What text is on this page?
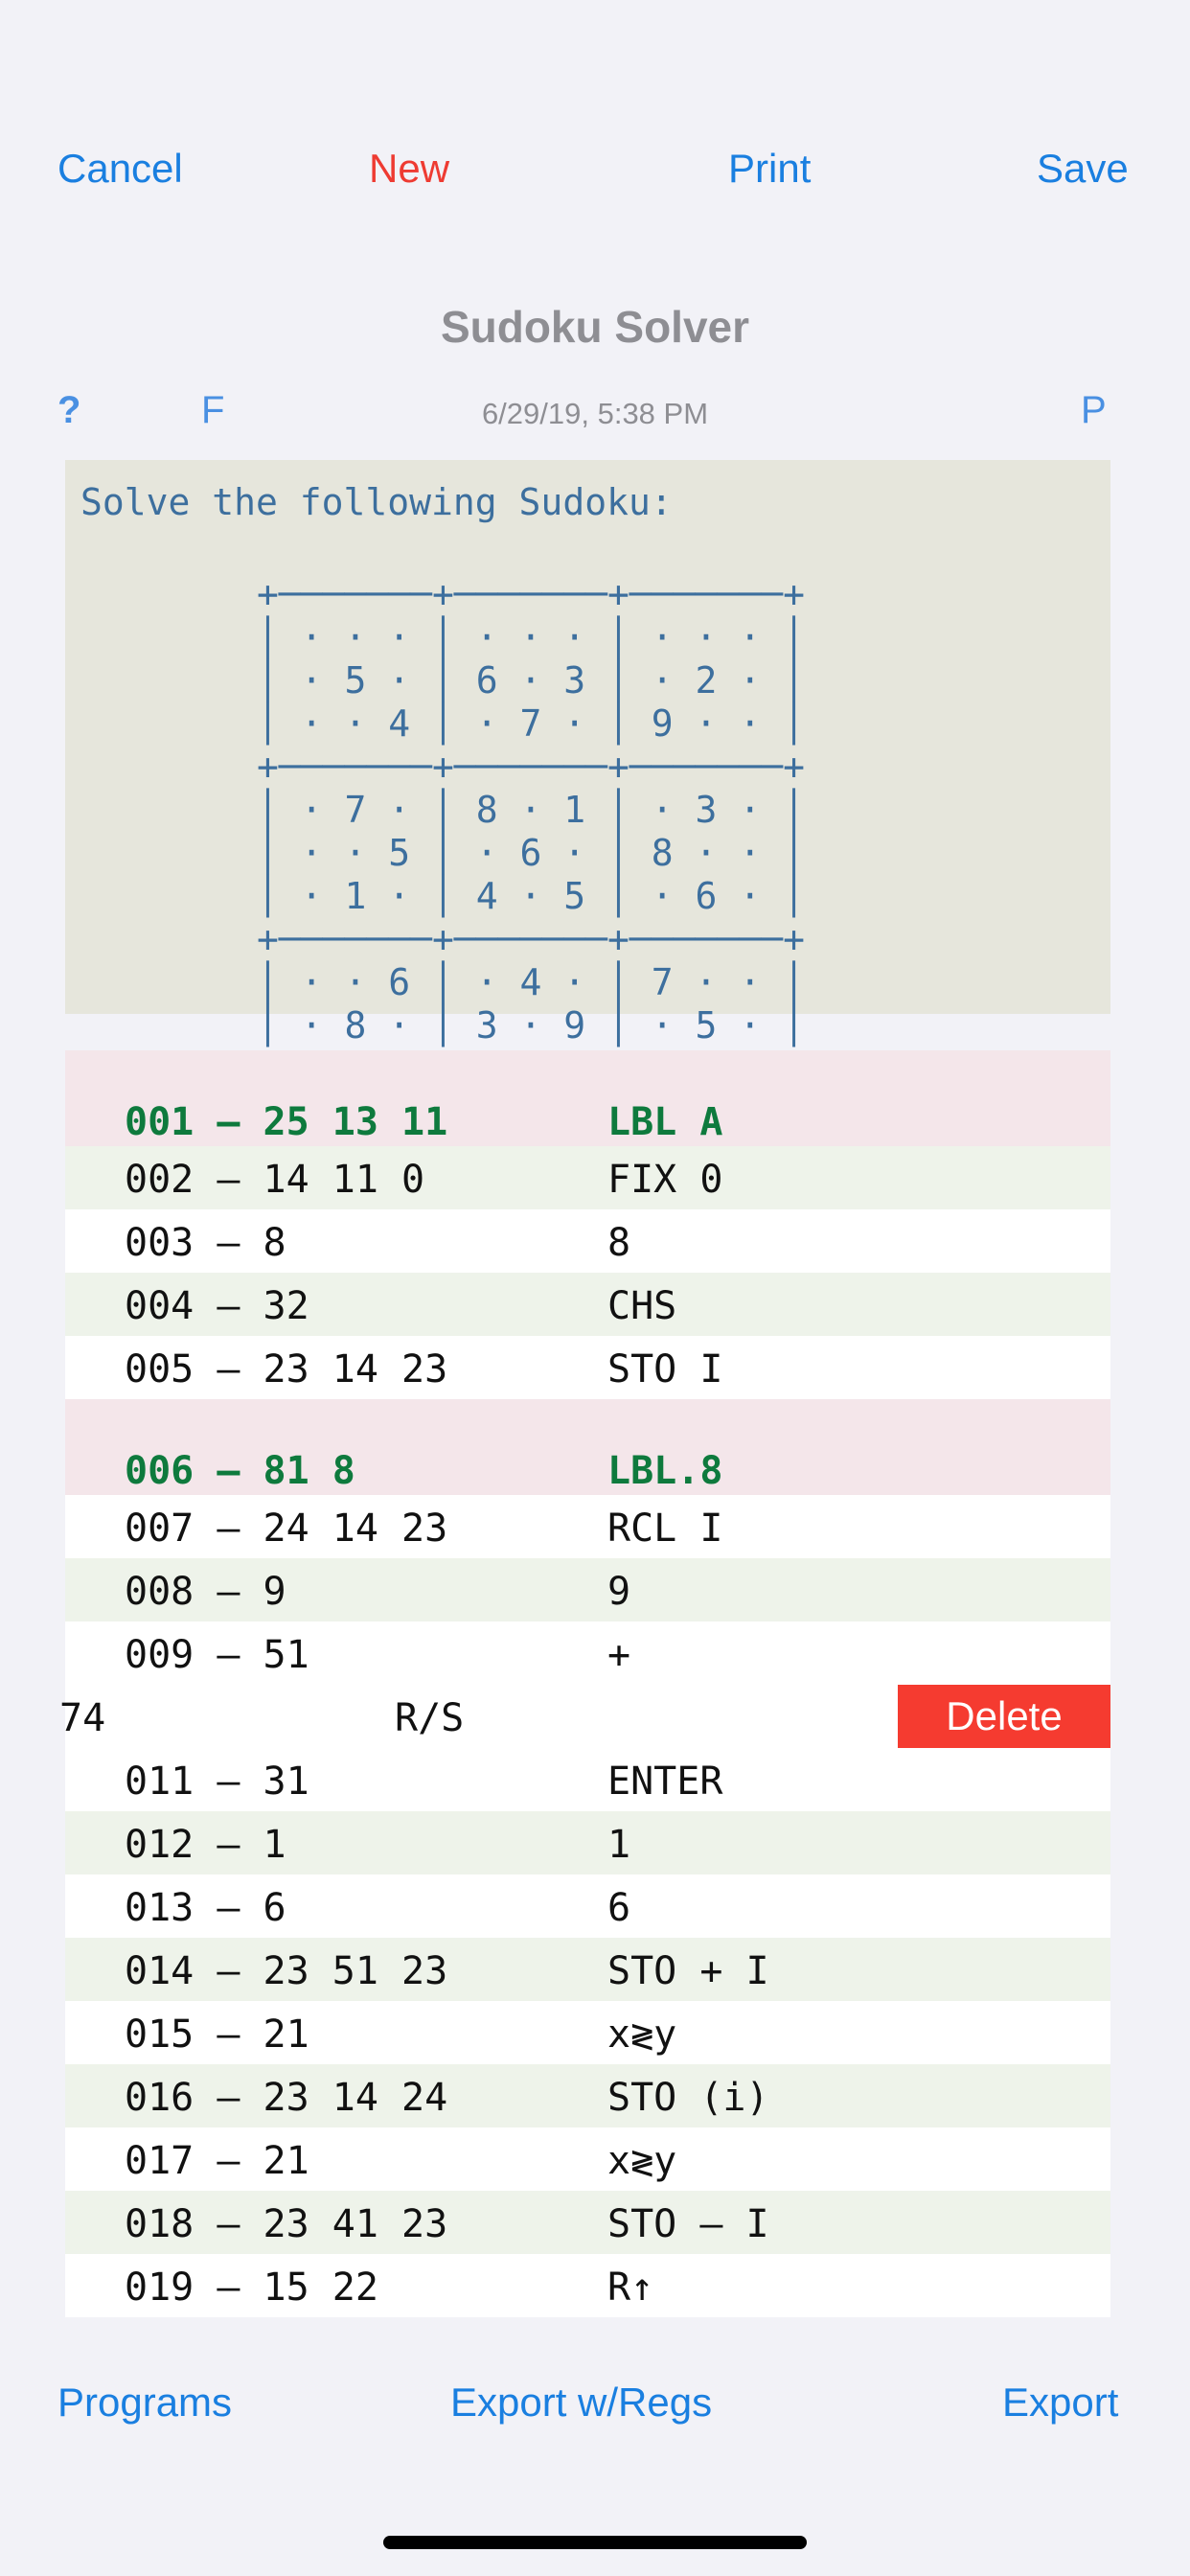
Cancel	New	Print	Save
Sudoku Solver
?	F	6/29/19, 5:38 PM	P
Solve the following Sudoku:
+───────+───────+───────+
│ · · · │ · · · │ · · · │
│ · 5 · │ 6 · 3 │ · 2 · │
│ · · 4 │ · 7 · │ 9 · · │
+───────+───────+───────+
│ · 7 · │ 8 · 1 │ · 3 · │
│ · · 5 │ · 6 · │ 8 · · │
│ · 1 · │ 4 · 5 │ · 6 · │
+───────+───────+───────+
│ · · 6 │ · 4 · │ 7 · · │
│ · 8 · │ 3 · 9 │ · 5 · │
001 – 25 13 11	LBL A
002 – 14 11 0	FIX 0
003 – 8	8
004 – 32	CHS
005 – 23 14 23	STO I
006 – 81 8	LBL.8
007 – 24 14 23	RCL I
008 – 9	9
009 – 51	+
74	R/S	Delete
011 – 31	ENTER
012 – 1	1
013 – 6	6
014 – 23 51 23	STO + I
015 – 21	x≷y
016 – 23 14 24	STO (i)
017 – 21	x≷y
018 – 23 41 23	STO – I
019 – 15 22	R↑
Programs	Export w/Regs	Export
